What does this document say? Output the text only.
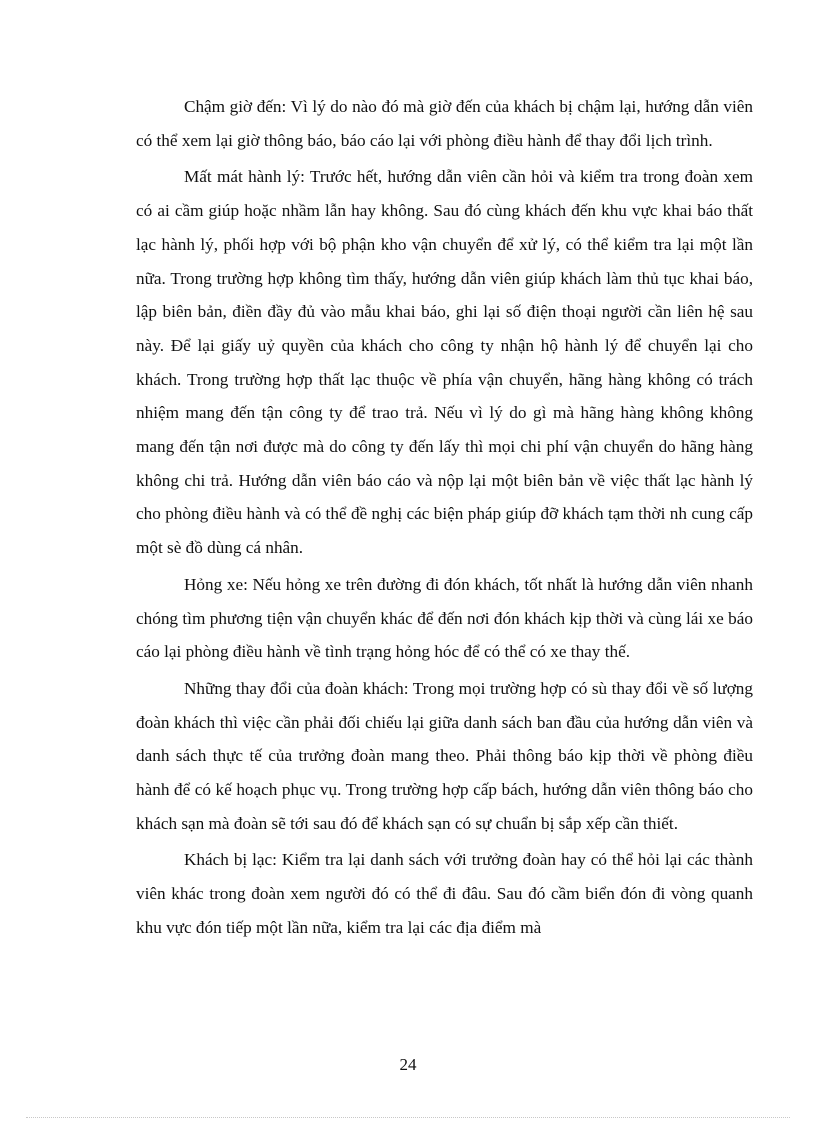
Chậm giờ đến: Vì lý do nào đó mà giờ đến của khách bị chậm lại, hướng dẫn viên có thể xem lại giờ thông báo, báo cáo lại với phòng điều hành để thay đổi lịch trình.

Mất mát hành lý: Trước hết, hướng dẫn viên cần hỏi và kiểm tra trong đoàn xem có ai cầm giúp hoặc nhầm lẫn hay không. Sau đó cùng khách đến khu vực khai báo thất lạc hành lý, phối hợp với bộ phận kho vận chuyển để xử lý, có thể kiểm tra lại một lần nữa. Trong trường hợp không tìm thấy, hướng dẫn viên giúp khách làm thủ tục khai báo, lập biên bản, điền đầy đủ vào mẫu khai báo, ghi lại số điện thoại người cần liên hệ sau này. Để lại giấy uỷ quyền của khách cho công ty nhận hộ hành lý để chuyển lại cho khách. Trong trường hợp thất lạc thuộc về phía vận chuyển, hãng hàng không có trách nhiệm mang đến tận công ty để trao trả. Nếu vì lý do gì mà hãng hàng không không mang đến tận nơi được mà do công ty đến lấy thì mọi chi phí vận chuyển do hãng hàng không chi trả. Hướng dẫn viên báo cáo và nộp lại một biên bản về việc thất lạc hành lý cho phòng điều hành và có thể đề nghị các biện pháp giúp đỡ khách tạm thời nh cung cấp một sè đồ dùng cá nhân.

Hỏng xe: Nếu hỏng xe trên đường đi đón khách, tốt nhất là hướng dẫn viên nhanh chóng tìm phương tiện vận chuyển khác để đến nơi đón khách kịp thời và cùng lái xe báo cáo lại phòng điều hành về tình trạng hỏng hóc để có thể có xe thay thế.

Những thay đổi của đoàn khách: Trong mọi trường hợp có sù thay đổi về số lượng đoàn khách thì việc cần phải đối chiếu lại giữa danh sách ban đầu của hướng dẫn viên và danh sách thực tế của trưởng đoàn mang theo. Phải thông báo kịp thời về phòng điều hành để có kế hoạch phục vụ. Trong trường hợp cấp bách, hướng dẫn viên thông báo cho khách sạn mà đoàn sẽ tới sau đó để khách sạn có sự chuẩn bị sắp xếp cần thiết.

Khách bị lạc: Kiểm tra lại danh sách với trưởng đoàn hay có thể hỏi lại các thành viên khác trong đoàn xem người đó có thể đi đâu. Sau đó cầm biển đón đi vòng quanh khu vực đón tiếp một lần nữa, kiểm tra lại các địa điểm mà

24
